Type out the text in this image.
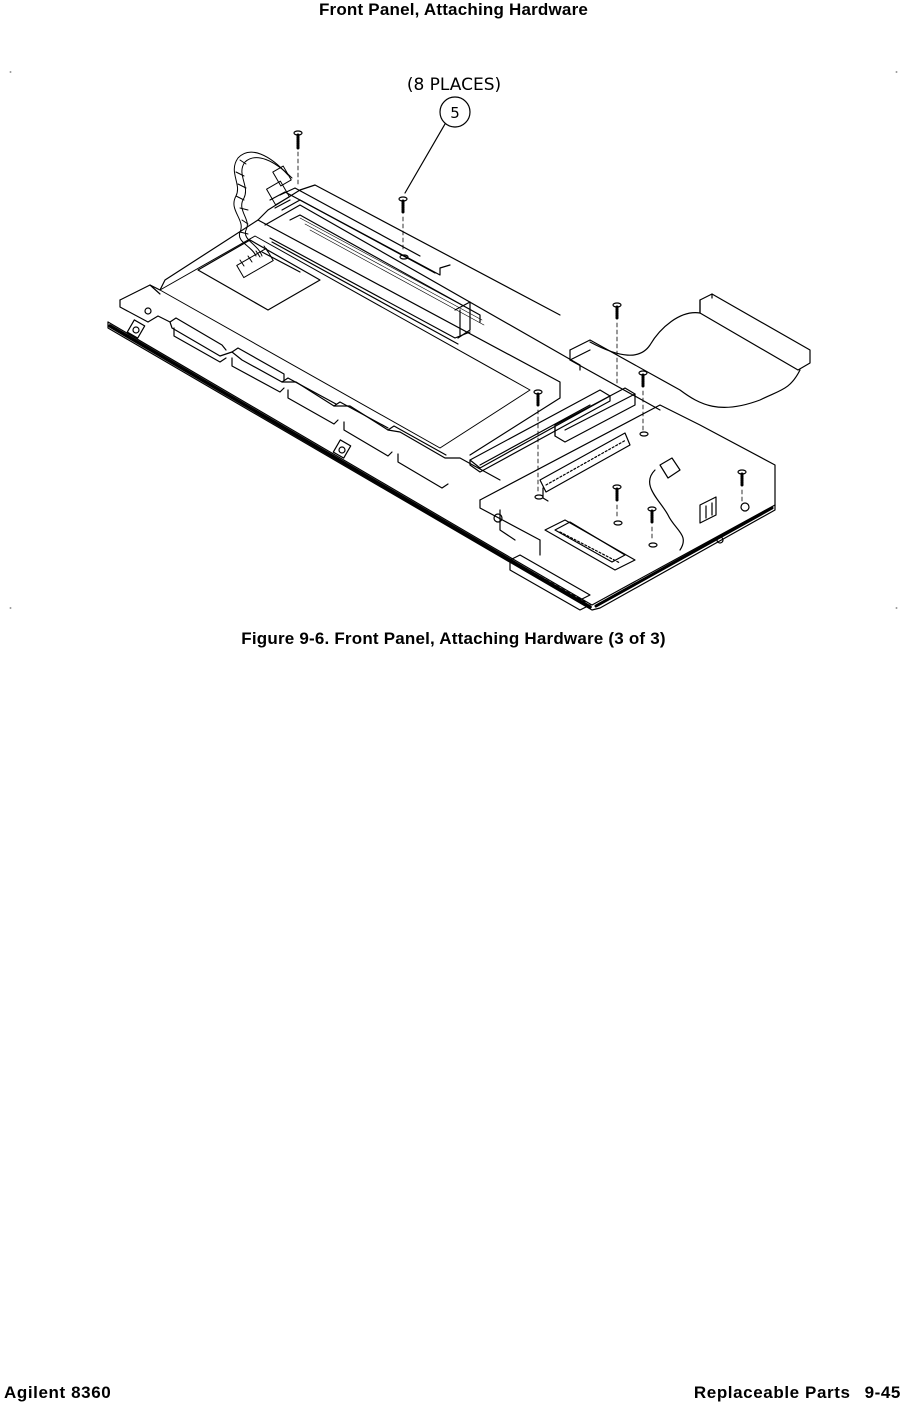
Front Panel, Attaching Hardware
(8 PLACES)
5
Figure 9-6. Front Panel, Attaching Hardware (3 of 3)
Agilent 8360	Replaceable Parts 9-45
